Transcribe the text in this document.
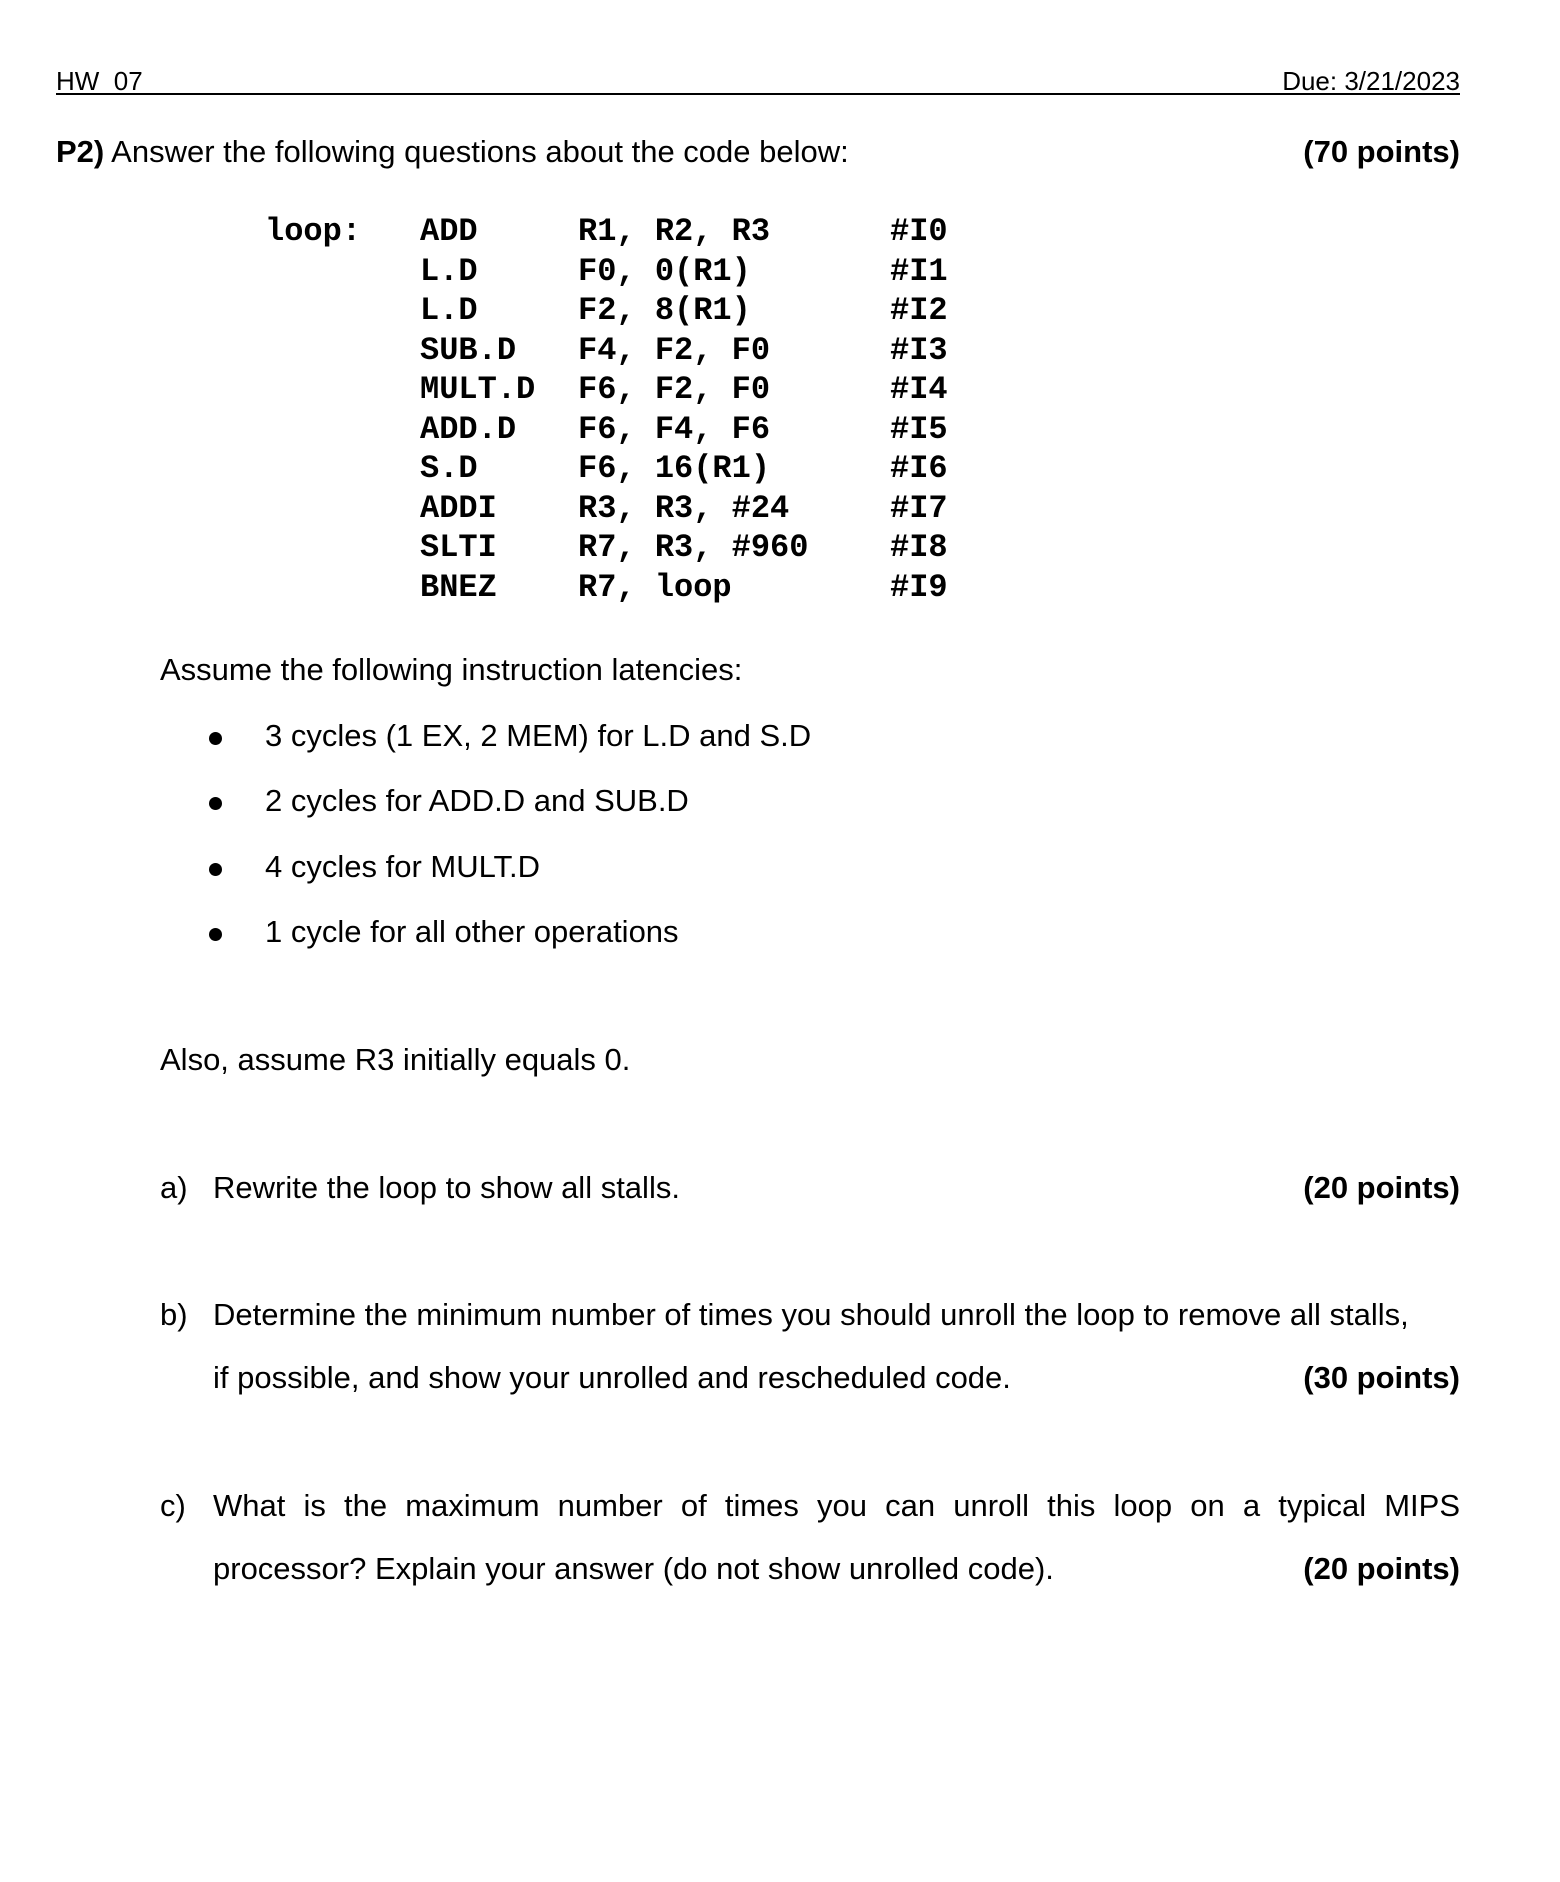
HW_07	Due: 3/21/2023
P2) Answer the following questions about the code below:	(70 points)
loop:	ADD	R1, R2, R3	#I0
L.D	F0, 0(R1)	#I1
L.D	F2, 8(R1)	#I2
SUB.D	F4, F2, F0	#I3
MULT.D	F6, F2, F0	#I4
ADD.D	F6, F4, F6	#I5
S.D	F6, 16(R1)	#I6
ADDI	R3, R3, #24	#I7
SLTI	R7, R3, #960	#I8
BNEZ	R7, loop	#I9
Assume the following instruction latencies:
3 cycles (1 EX, 2 MEM) for L.D and S.D
2 cycles for ADD.D and SUB.D
4 cycles for MULT.D
1 cycle for all other operations
Also, assume R3 initially equals 0.
a) Rewrite the loop to show all stalls.	(20 points)
b) Determine the minimum number of times you should unroll the loop to remove all stalls,
if possible, and show your unrolled and rescheduled code.	(30 points)
c) What is the maximum number of times you can unroll this loop on a typical MIPS
processor? Explain your answer (do not show unrolled code).	(20 points)
